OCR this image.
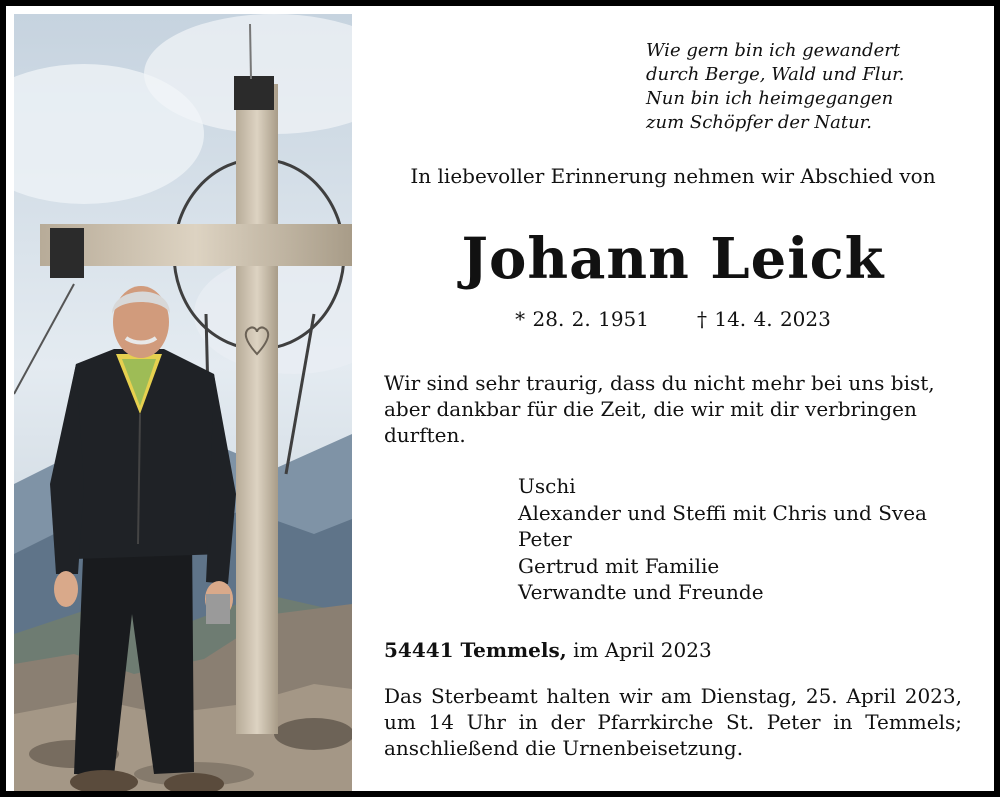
Wie gern bin ich gewandert
durch Berge, Wald und Flur.
Nun bin ich heimgegangen
zum Schöpfer der Natur.
In liebevoller Erinnerung nehmen wir Abschied von
Johann Leick
* 28. 2. 1951 † 14. 4. 2023
Wir sind sehr traurig, dass du nicht mehr bei uns bist,
aber dankbar für die Zeit, die wir mit dir verbringen
durften.
Uschi
Alexander und Steffi mit Chris und Svea
Peter
Gertrud mit Familie
Verwandte und Freunde
54441 Temmels, im April 2023
Das Sterbeamt halten wir am Dienstag, 25. April 2023,
um 14 Uhr in der Pfarrkirche St. Peter in Temmels;
anschließend die Urnenbeisetzung.
